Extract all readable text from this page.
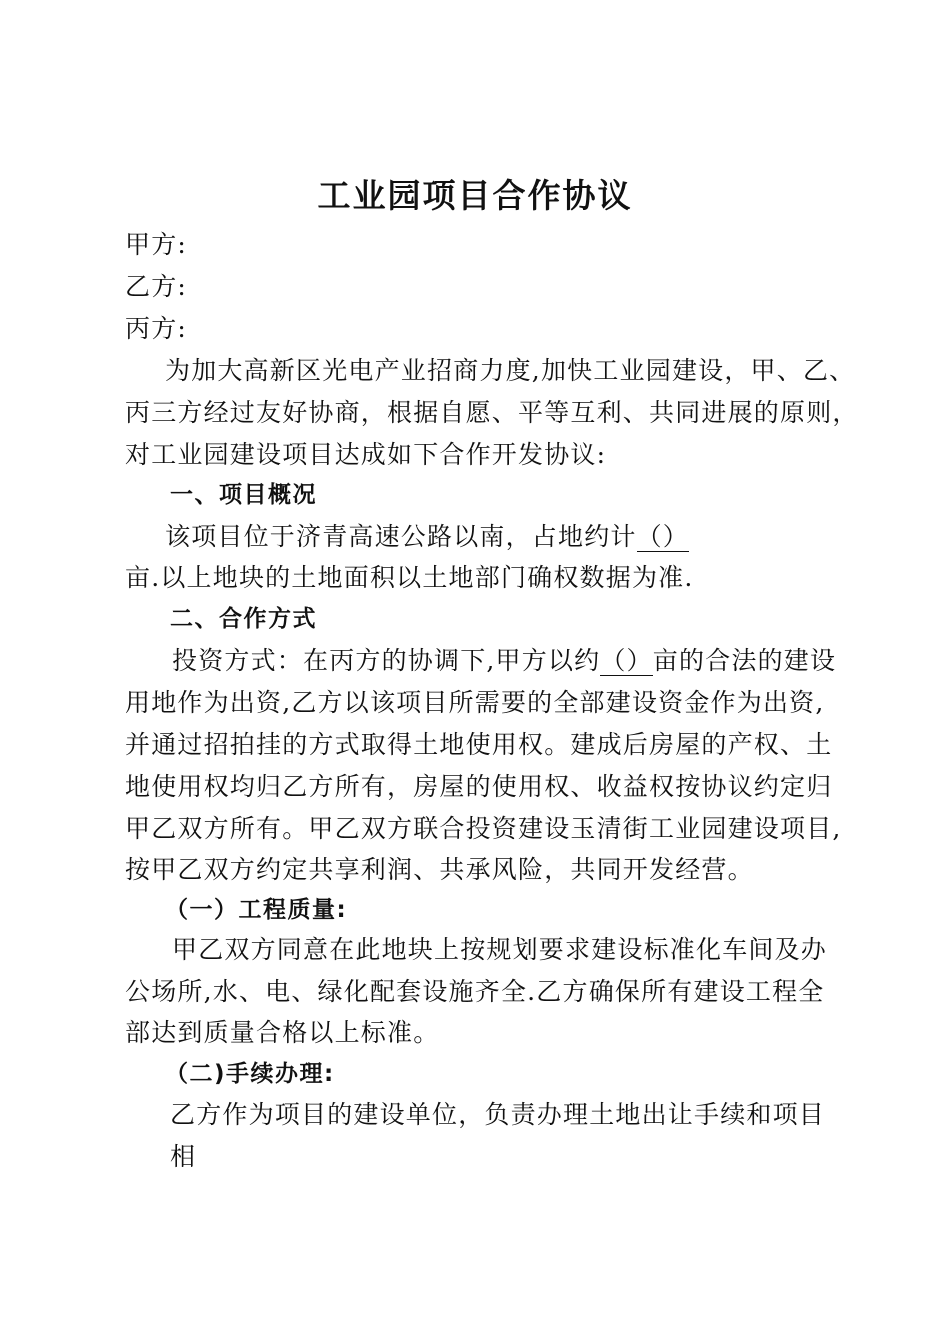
工业园项目合作协议
甲方:
乙方:
丙方:
为加大高新区光电产业招商力度,加快工业园建设，甲、乙、
丙三方经过友好协商，根据自愿、平等互利、共同进展的原则，
对工业园建设项目达成如下合作开发协议:
一、项目概况
该项目位于济青高速公路以南，占地约计（）
亩.以上地块的土地面积以土地部门确权数据为准.
二、合作方式
投资方式：在丙方的协调下,甲方以约（）亩的合法的建设
用地作为出资,乙方以该项目所需要的全部建设资金作为出资,
并通过招拍挂的方式取得土地使用权。建成后房屋的产权、土
地使用权均归乙方所有，房屋的使用权、收益权按协议约定归
甲乙双方所有。甲乙双方联合投资建设玉清街工业园建设项目,
按甲乙双方约定共享利润、共承风险，共同开发经营。
（一）工程质量:
甲乙双方同意在此地块上按规划要求建设标准化车间及办
公场所,水、电、绿化配套设施齐全.乙方确保所有建设工程全
部达到质量合格以上标准。
（二)手续办理:
乙方作为项目的建设单位，负责办理土地出让手续和项目
相
